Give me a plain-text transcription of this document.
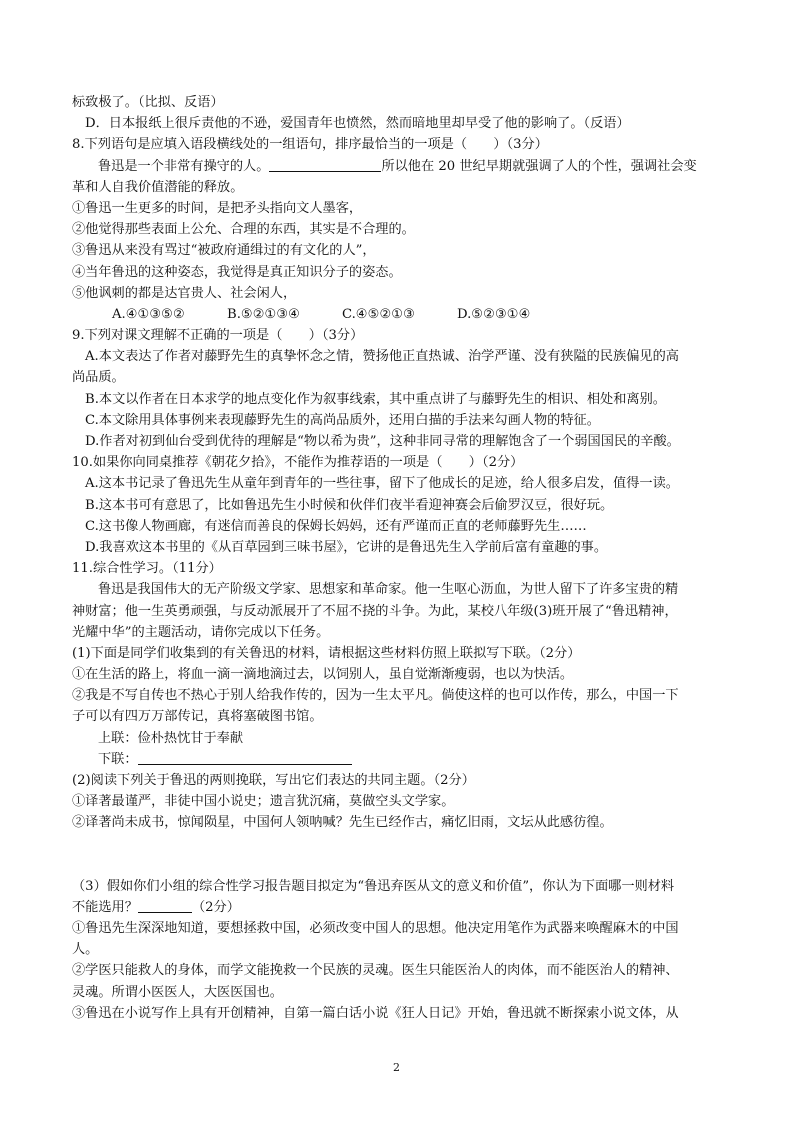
标致极了。（比拟、反语）
D．日本报纸上很斥责他的不逊，爱国青年也愤然，然而暗地里却早受了他的影响了。（反语）
8.下列语句是应填入语段横线处的一组语句，排序最恰当的一项是（　　）（3分）
鲁迅是一个非常有操守的人。	所以他在 20 世纪早期就强调了人的个性，强调社会变
革和人自我价值潜能的释放。
①鲁迅一生更多的时间，是把矛头指向文人墨客，
②他觉得那些表面上公允、合理的东西，其实是不合理的。
③鲁迅从来没有骂过“被政府通缉过的有文化的人”，
④当年鲁迅的这种姿态，我觉得是真正知识分子的姿态。
⑤他讽刺的都是达官贵人、社会闲人，
A.④①③⑤②	B.⑤②①③④	C.④⑤②①③	D.⑤②③①④
9.下列对课文理解不正确的一项是（　　）（3分）
A.本文表达了作者对藤野先生的真挚怀念之情，赞扬他正直热诚、治学严谨、没有狭隘的民族偏见的高
尚品质。
B.本文以作者在日本求学的地点变化作为叙事线索，其中重点讲了与藤野先生的相识、相处和离别。
C.本文除用具体事例来表现藤野先生的高尚品质外，还用白描的手法来勾画人物的特征。
D.作者对初到仙台受到优待的理解是“物以希为贵”，这种非同寻常的理解饱含了一个弱国国民的辛酸。
10.如果你向同桌推荐《朝花夕拾》，不能作为推荐语的一项是（　　）（2分）
A.这本书记录了鲁迅先生从童年到青年的一些往事，留下了他成长的足迹，给人很多启发，值得一读。
B.这本书可有意思了，比如鲁迅先生小时候和伙伴们夜半看迎神赛会后偷罗汉豆，很好玩。
C.这书像人物画廊，有迷信而善良的保姆长妈妈，还有严谨而正直的老师藤野先生……
D.我喜欢这本书里的《从百草园到三味书屋》，它讲的是鲁迅先生入学前后富有童趣的事。
11.综合性学习。（11分）
鲁迅是我国伟大的无产阶级文学家、思想家和革命家。他一生呕心沥血，为世人留下了许多宝贵的精
神财富；他一生英勇顽强，与反动派展开了不屈不挠的斗争。为此，某校八年级(3)班开展了“鲁迅精神，
光耀中华”的主题活动，请你完成以下任务。
(1)下面是同学们收集到的有关鲁迅的材料，请根据这些材料仿照上联拟写下联。（2分）
①在生活的路上，将血一滴一滴地滴过去，以饲别人，虽自觉渐渐瘦弱，也以为快活。
②我是不写自传也不热心于别人给我作传的，因为一生太平凡。倘使这样的也可以作传，那么，中国一下
子可以有四万万部传记，真将塞破图书馆。
上联：俭朴热忱甘于奉献
下联：
(2)阅读下列关于鲁迅的两则挽联，写出它们表达的共同主题。（2分）
①译著最谨严，非徒中国小说史；遗言犹沉痛，莫做空头文学家。
②译著尚未成书，惊闻陨星，中国何人领呐喊？先生已经作古，痛忆旧雨，文坛从此感彷徨。
（3）假如你们小组的综合性学习报告题目拟定为“鲁迅弃医从文的意义和价值”，你认为下面哪一则材料
不能选用？	（2分）
①鲁迅先生深深地知道，要想拯救中国，必须改变中国人的思想。他决定用笔作为武器来唤醒麻木的中国
人。
②学医只能救人的身体，而学文能挽救一个民族的灵魂。医生只能医治人的肉体，而不能医治人的精神、
灵魂。所谓小医医人，大医医国也。
③鲁迅在小说写作上具有开创精神，自第一篇白话小说《狂人日记》开始，鲁迅就不断探索小说文体，从
2
